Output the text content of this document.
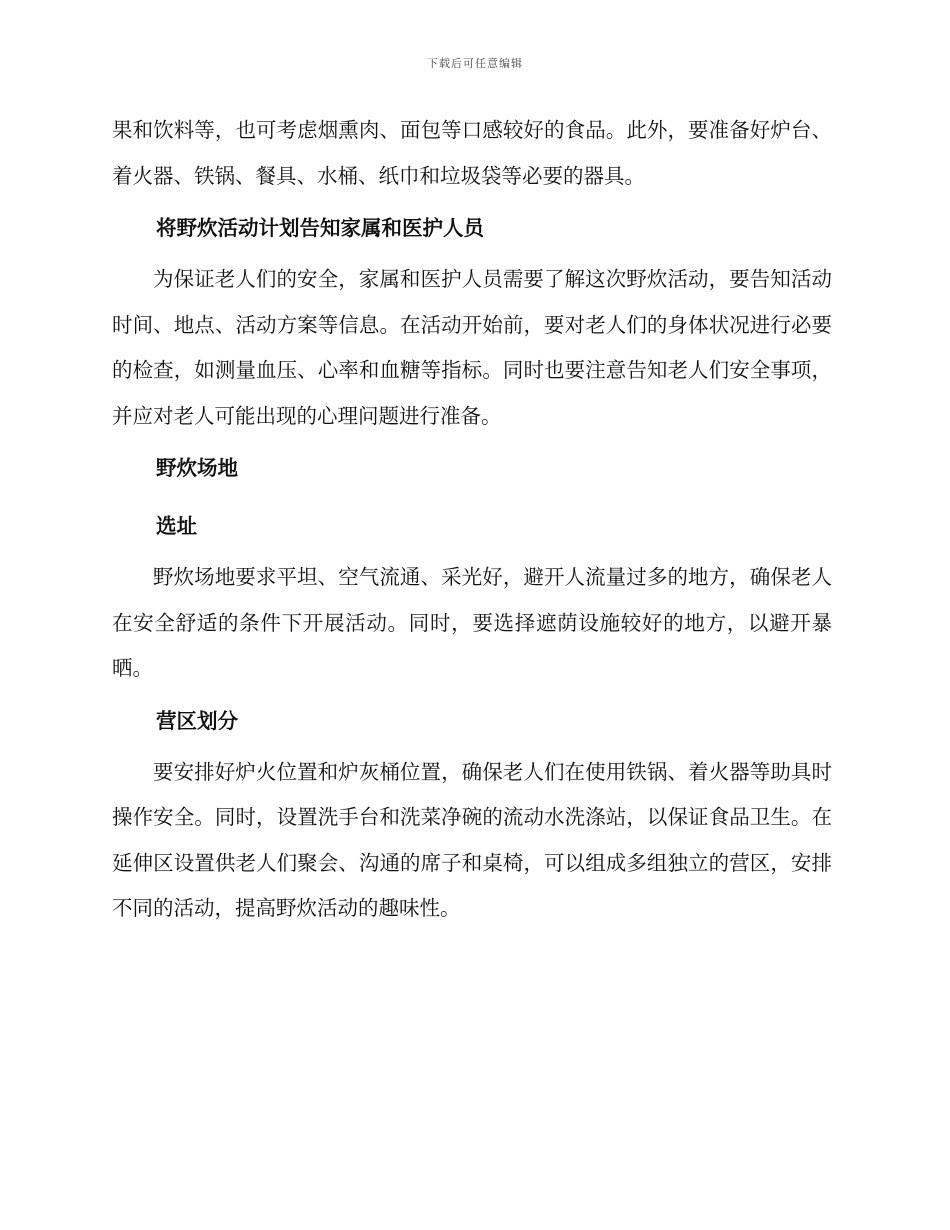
下载后可任意编辑

果和饮料等，也可考虑烟熏肉、面包等口感较好的食品。此外，要准备好炉台、着火器、铁锅、餐具、水桶、纸巾和垃圾袋等必要的器具。

将野炊活动计划告知家属和医护人员

为保证老人们的安全，家属和医护人员需要了解这次野炊活动，要告知活动时间、地点、活动方案等信息。在活动开始前，要对老人们的身体状况进行必要的检查，如测量血压、心率和血糖等指标。同时也要注意告知老人们安全事项，并应对老人可能出现的心理问题进行准备。

野炊场地
选址

野炊场地要求平坦、空气流通、采光好，避开人流量过多的地方，确保老人在安全舒适的条件下开展活动。同时，要选择遮荫设施较好的地方，以避开暴晒。

营区划分

要安排好炉火位置和炉灰桶位置，确保老人们在使用铁锅、着火器等助具时操作安全。同时，设置洗手台和洗菜净碗的流动水洗涤站，以保证食品卫生。在延伸区设置供老人们聚会、沟通的席子和桌椅，可以组成多组独立的营区，安排不同的活动，提高野炊活动的趣味性。
